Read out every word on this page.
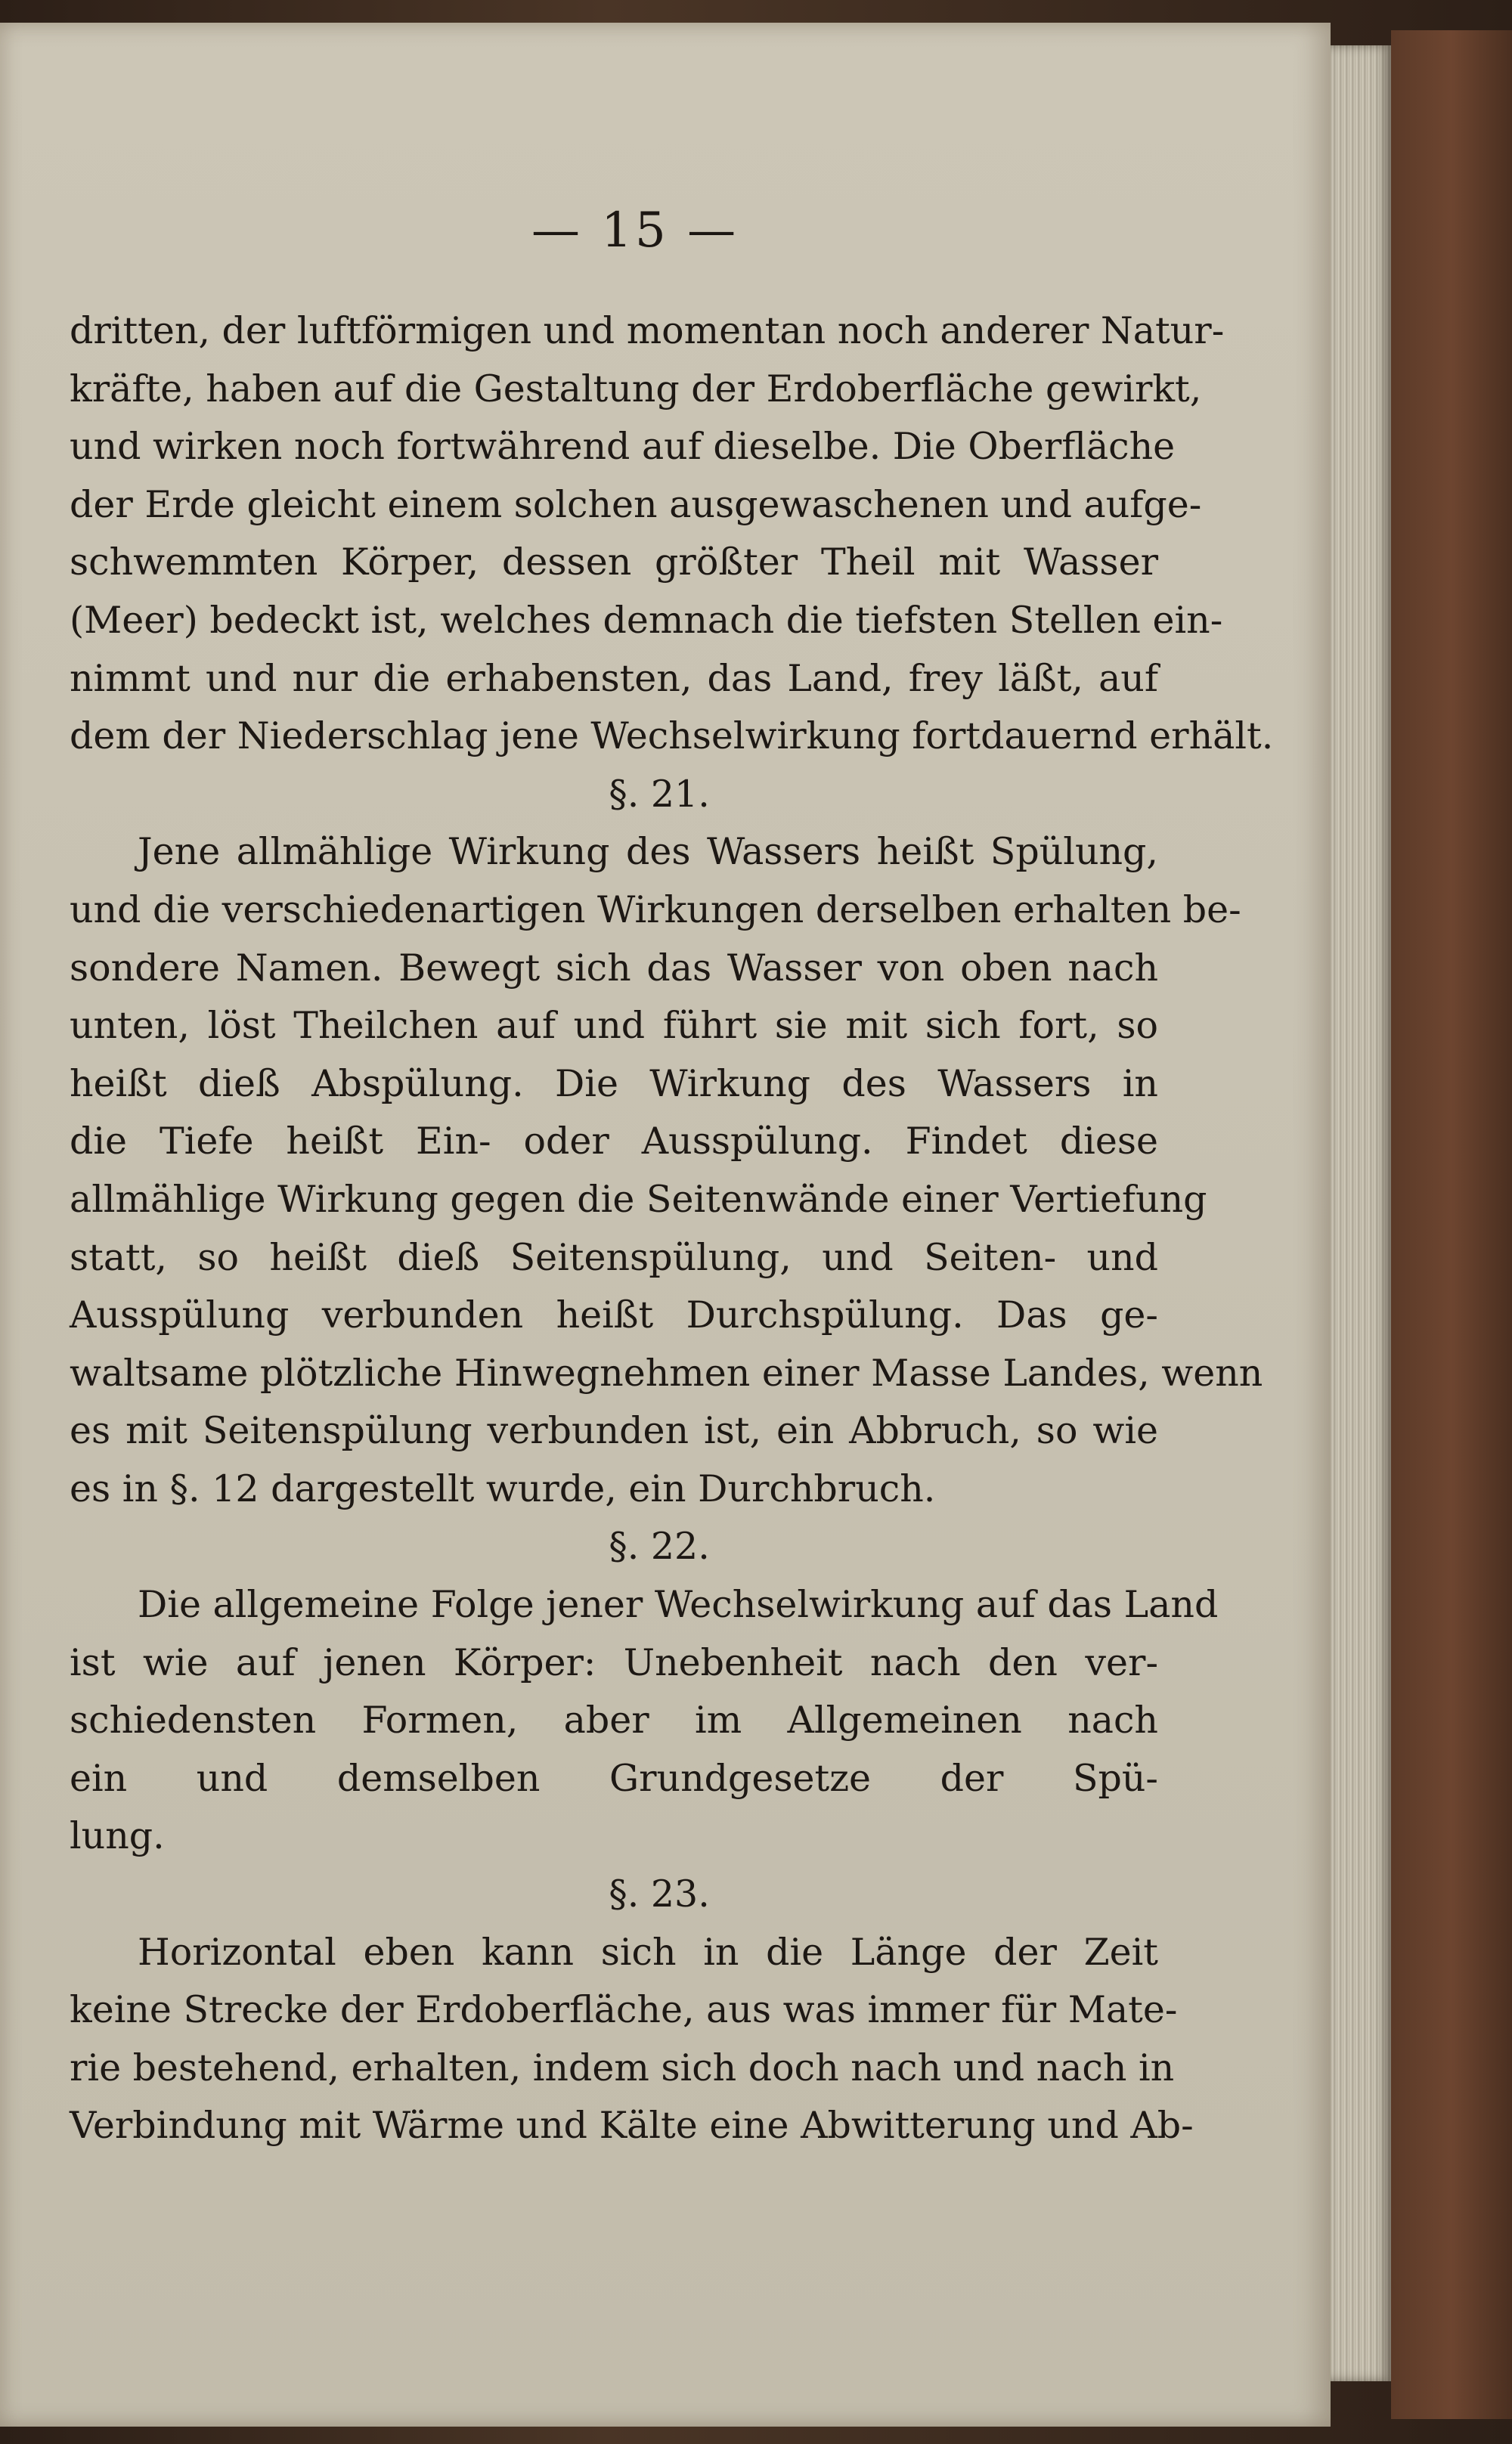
— 15 —
dritten, der luftförmigen und momentan noch anderer Natur-
kräfte, haben auf die Gestaltung der Erdoberfläche gewirkt,
und wirken noch fortwährend auf dieselbe. Die Oberfläche
der Erde gleicht einem solchen ausgewaschenen und aufge-
schwemmten Körper, dessen größter Theil mit Wasser
(Meer) bedeckt ist, welches demnach die tiefsten Stellen ein-
nimmt und nur die erhabensten, das Land, frey läßt, auf
dem der Niederschlag jene Wechselwirkung fortdauernd erhält.
§. 21.
Jene allmählige Wirkung des Wassers heißt Spülung,
und die verschiedenartigen Wirkungen derselben erhalten be-
sondere Namen. Bewegt sich das Wasser von oben nach
unten, löst Theilchen auf und führt sie mit sich fort, so
heißt dieß Abspülung. Die Wirkung des Wassers in
die Tiefe heißt Ein- oder Ausspülung. Findet diese
allmählige Wirkung gegen die Seitenwände einer Vertiefung
statt, so heißt dieß Seitenspülung, und Seiten- und
Ausspülung verbunden heißt Durchspülung. Das ge-
waltsame plötzliche Hinwegnehmen einer Masse Landes, wenn
es mit Seitenspülung verbunden ist, ein Abbruch, so wie
es in §. 12 dargestellt wurde, ein Durchbruch.
§. 22.
Die allgemeine Folge jener Wechselwirkung auf das Land
ist wie auf jenen Körper: Unebenheit nach den ver-
schiedensten Formen, aber im Allgemeinen nach
ein und demselben Grundgesetze der Spü-
lung.
§. 23.
Horizontal eben kann sich in die Länge der Zeit
keine Strecke der Erdoberfläche, aus was immer für Mate-
rie bestehend, erhalten, indem sich doch nach und nach in
Verbindung mit Wärme und Kälte eine Abwitterung und Ab-
